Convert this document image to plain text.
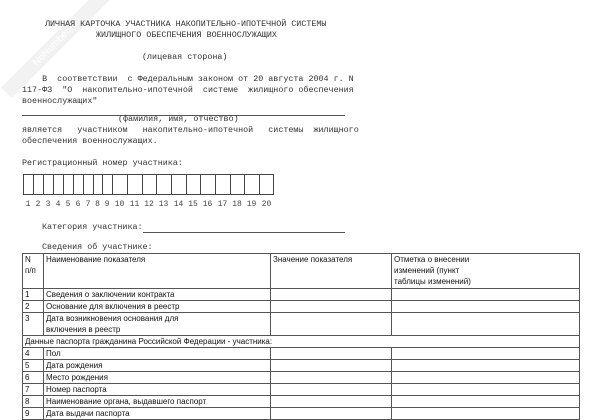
NoNumber.ru
ЛИЧНАЯ КАРТОЧКА УЧАСТНИКА НАКОПИТЕЛЬНО-ИПОТЕЧНОЙ СИСТЕМЫ
ЖИЛИЩНОГО ОБЕСПЕЧЕНИЯ ВОЕННОСЛУЖАЩИХ
(лицевая сторона)
В  соответствии  с Федеральным законом от 20 августа 2004 г. N
117-ФЗ  "О  накопительно-ипотечной  системе  жилищного обеспечения
военнослужащих"
(фамилия, имя, отчество)
является   участником   накопительно-ипотечной   системы  жилищного
обеспечения военнослужащих.
Регистрационный номер участника:
1 2 3 4 5 6 7 8 9 10 11 12 13 14 15 16 17 18 19 20
Категория участника:
Сведения об участнике:
N
п/п	Наименование показателя	Значение показателя	Отметка о внесении
изменений (пункт
таблицы изменений)
1	Сведения о заключении контракта		
2	Основание для включения в реестр		
3	Дата возникновения основания для
включения в реестр		
Данные паспорта гражданина Российской Федерации - участника:			
4	Пол		
5	Дата рождения		
6	Место рождения		
7	Номер паспорта		
8	Наименование органа, выдавшего паспорт		
9	Дата выдачи паспорта		
